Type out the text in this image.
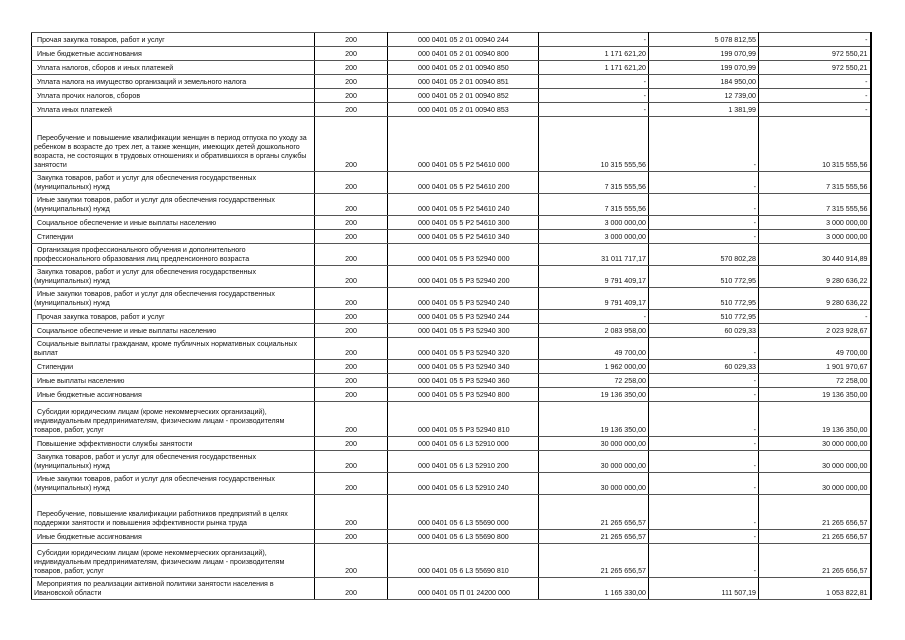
Прочая закупка товаров, работ и услуг	200	000 0401 05 2 01 00940 244	-	5 078 812,55	-
Иные бюджетные ассигнования	200	000 0401 05 2 01 00940 800	1 171 621,20	199 070,99	972 550,21
Уплата налогов, сборов и иных платежей	200	000 0401 05 2 01 00940 850	1 171 621,20	199 070,99	972 550,21
Уплата налога на имущество организаций и земельного налога	200	000 0401 05 2 01 00940 851	-	184 950,00	-
Уплата прочих налогов, сборов	200	000 0401 05 2 01 00940 852	-	12 739,00	-
Уплата иных платежей	200	000 0401 05 2 01 00940 853	-	1 381,99	-
Переобучение и повышение квалификации женщин в период отпуска по уходу за ребенком в возрасте до трех лет, а также женщин, имеющих детей дошкольного возраста, не состоящих в трудовых отношениях и обратившихся в органы службы занятости	200	000 0401 05 5 P2 54610 000	10 315 555,56	-	10 315 555,56
Закупка товаров, работ и услуг для обеспечения государственных (муниципальных) нужд	200	000 0401 05 5 P2 54610 200	7 315 555,56	-	7 315 555,56
Иные закупки товаров, работ и услуг для обеспечения государственных (муниципальных) нужд	200	000 0401 05 5 P2 54610 240	7 315 555,56	-	7 315 555,56
Социальное обеспечение и иные выплаты населению	200	000 0401 05 5 P2 54610 300	3 000 000,00	-	3 000 000,00
Стипендии	200	000 0401 05 5 P2 54610 340	3 000 000,00	-	3 000 000,00
Организация профессионального обучения и дополнительного профессионального образования лиц предпенсионного возраста	200	000 0401 05 5 P3 52940 000	31 011 717,17	570 802,28	30 440 914,89
Закупка товаров, работ и услуг для обеспечения государственных (муниципальных) нужд	200	000 0401 05 5 P3 52940 200	9 791 409,17	510 772,95	9 280 636,22
Иные закупки товаров, работ и услуг для обеспечения государственных (муниципальных) нужд	200	000 0401 05 5 P3 52940 240	9 791 409,17	510 772,95	9 280 636,22
Прочая закупка товаров, работ и услуг	200	000 0401 05 5 P3 52940 244	-	510 772,95	-
Социальное обеспечение и иные выплаты населению	200	000 0401 05 5 P3 52940 300	2 083 958,00	60 029,33	2 023 928,67
Социальные выплаты гражданам, кроме публичных нормативных социальных выплат	200	000 0401 05 5 P3 52940 320	49 700,00	-	49 700,00
Стипендии	200	000 0401 05 5 P3 52940 340	1 962 000,00	60 029,33	1 901 970,67
Иные выплаты населению	200	000 0401 05 5 P3 52940 360	72 258,00	-	72 258,00
Иные бюджетные ассигнования	200	000 0401 05 5 P3 52940 800	19 136 350,00	-	19 136 350,00
Субсидии юридическим лицам (кроме некоммерческих организаций), индивидуальным предпринимателям, физическим лицам - производителям товаров, работ, услуг	200	000 0401 05 5 P3 52940 810	19 136 350,00	-	19 136 350,00
Повышение эффективности службы занятости	200	000 0401 05 6 L3 52910 000	30 000 000,00	-	30 000 000,00
Закупка товаров, работ и услуг для обеспечения государственных (муниципальных) нужд	200	000 0401 05 6 L3 52910 200	30 000 000,00	-	30 000 000,00
Иные закупки товаров, работ и услуг для обеспечения государственных (муниципальных) нужд	200	000 0401 05 6 L3 52910 240	30 000 000,00	-	30 000 000,00
Переобучение, повышение квалификации работников предприятий в целях поддержки занятости и повышения эффективности рынка труда	200	000 0401 05 6 L3 55690 000	21 265 656,57	-	21 265 656,57
Иные бюджетные ассигнования	200	000 0401 05 6 L3 55690 800	21 265 656,57	-	21 265 656,57
Субсидии юридическим лицам (кроме некоммерческих организаций), индивидуальным предпринимателям, физическим лицам - производителям товаров, работ, услуг	200	000 0401 05 6 L3 55690 810	21 265 656,57	-	21 265 656,57
Мероприятия по реализации активной политики занятости населения в Ивановской области	200	000 0401 05 П 01 24200 000	1 165 330,00	111 507,19	1 053 822,81
